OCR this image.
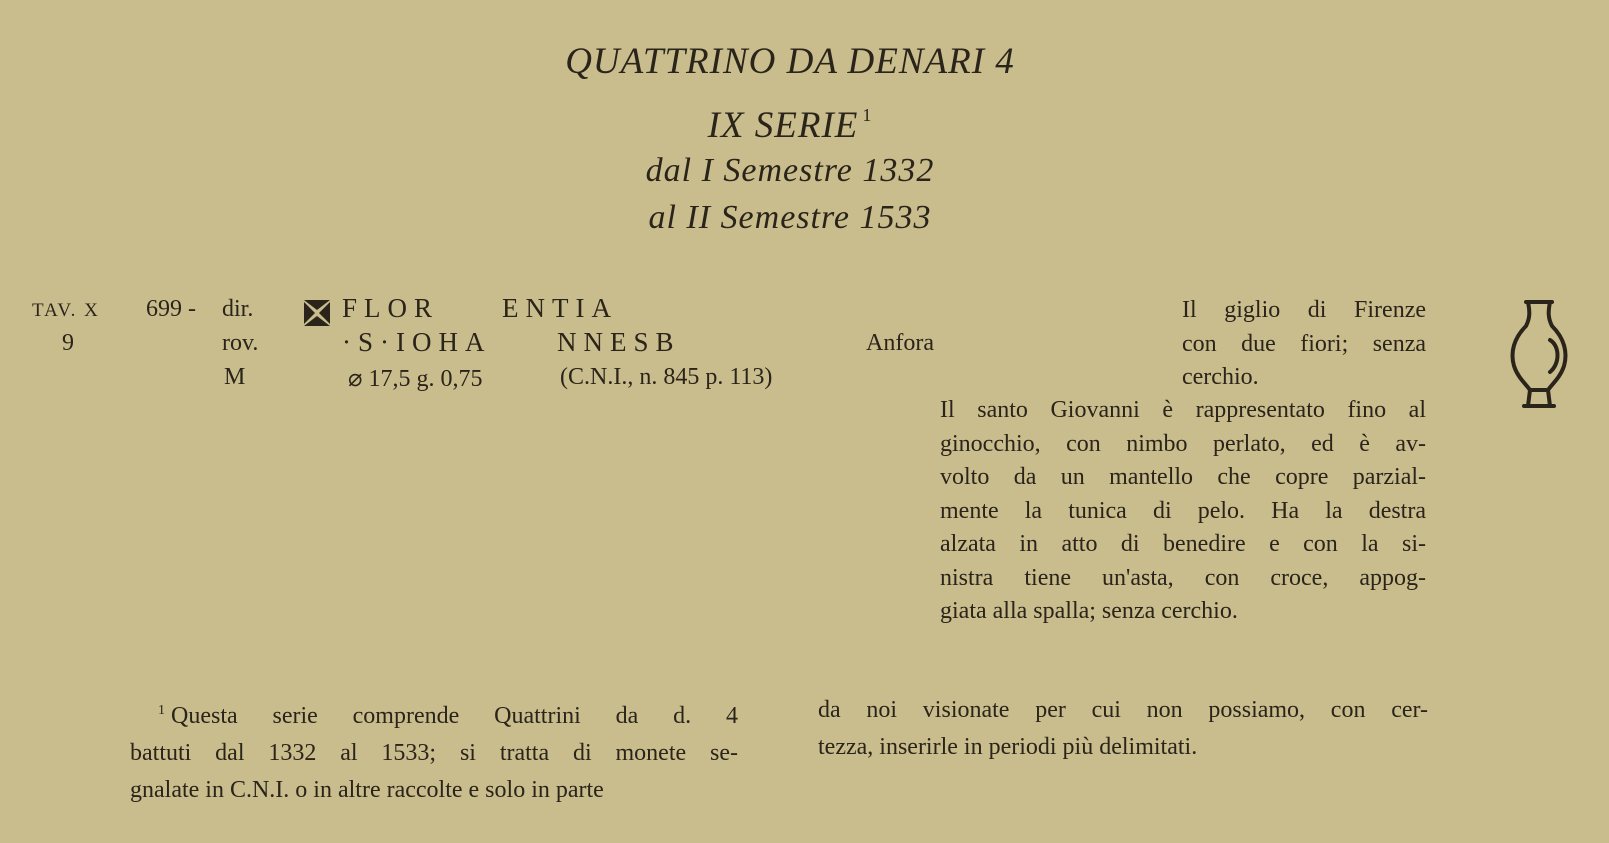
QUATTRINO DA DENARI 4
IX SERIE $^1$
dal I Semestre 1332
al II Semestre 1533
TAV. X
9
699 - dir.
rov.
M
FLOR ENTIA
·S·IOHA NNESB
⌀ 17,5 g. 0,75	(C.N.I., n. 845 p. 113)
Anfora
Il giglio di Firenze
con due fiori; senza
cerchio.
Il santo Giovanni è rappresentato fino al
ginocchio, con nimbo perlato, ed è av-
volto da un mantello che copre parzial-
mente la tunica di pelo. Ha la destra
alzata in atto di benedire e con la si-
nistra tiene un'asta, con croce, appog-
giata alla spalla; senza cerchio.
$^1$ Questa serie comprende Quattrini da d. 4
battuti dal 1332 al 1533; si tratta di monete se-
gnalate in C.N.I. o in altre raccolte e solo in parte
da noi visionate per cui non possiamo, con cer-
tezza, inserirle in periodi più delimitati.
